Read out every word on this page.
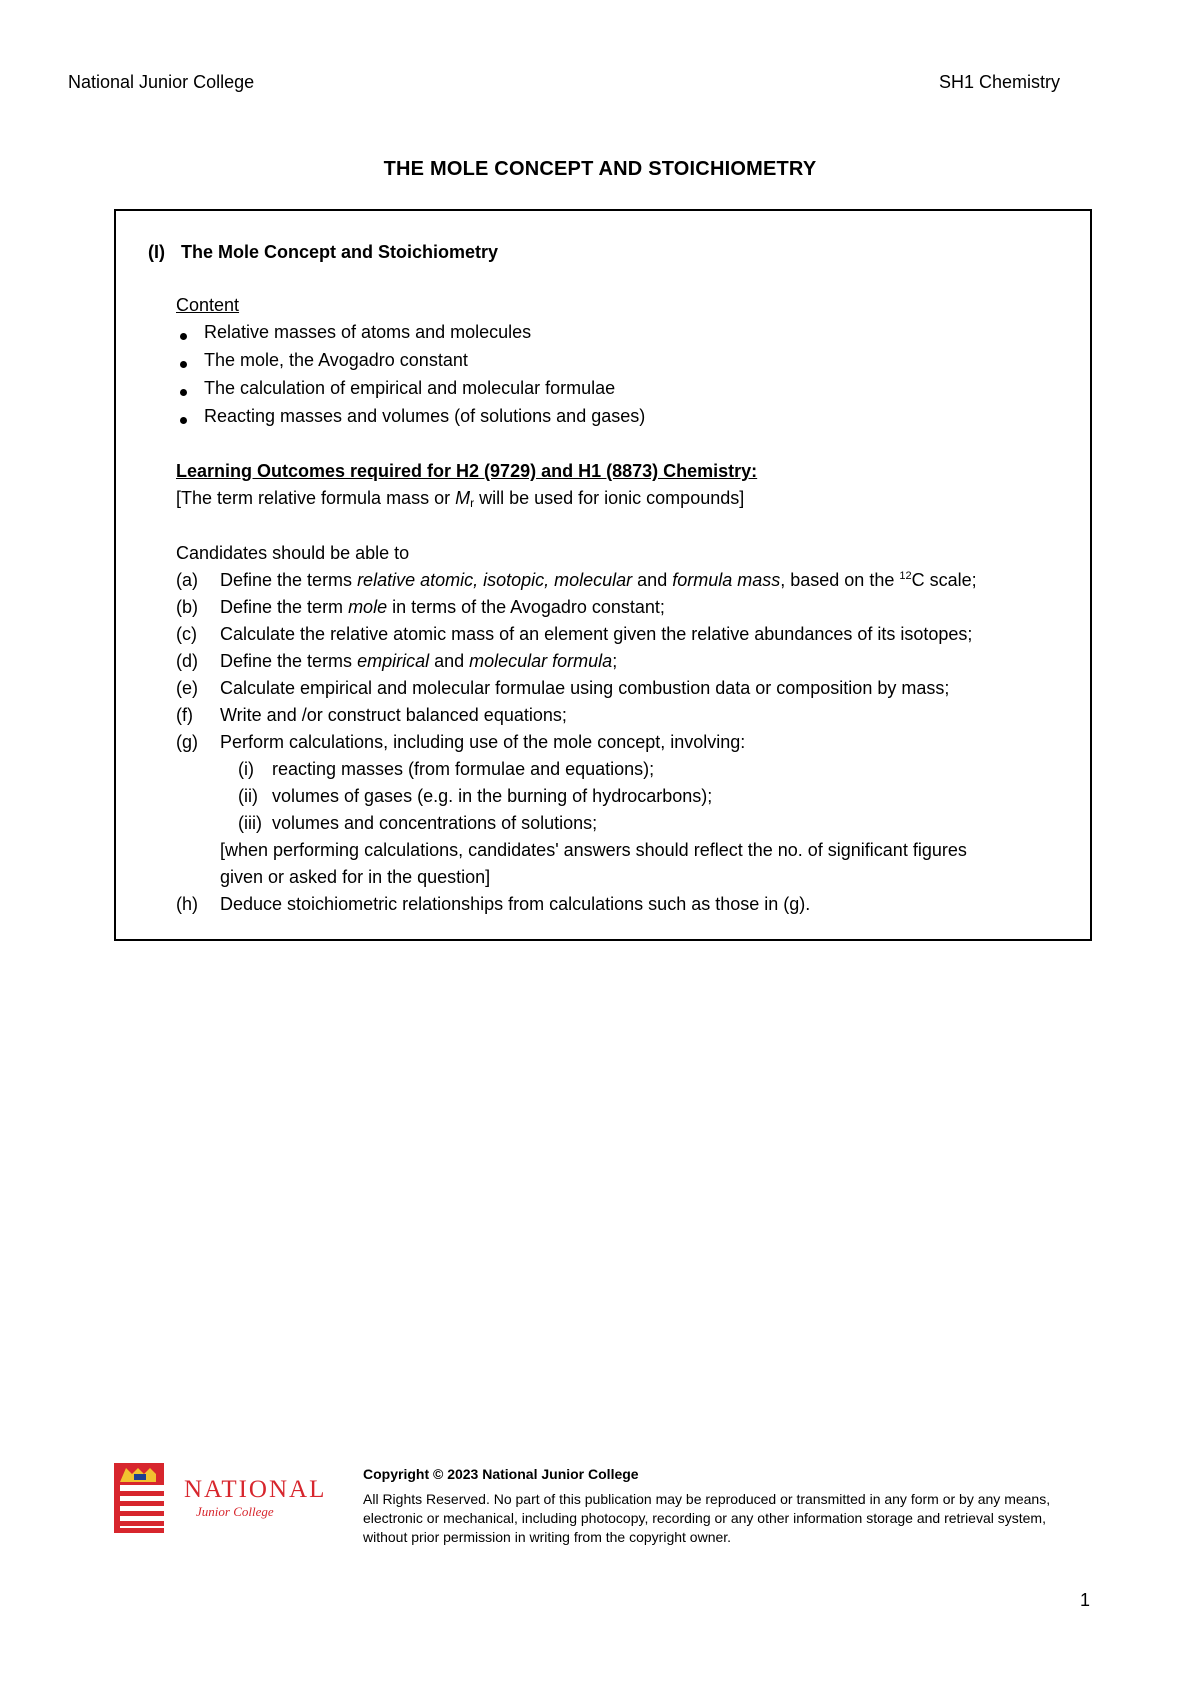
National Junior College	SH1 Chemistry
THE MOLE CONCEPT AND STOICHIOMETRY
(I) The Mole Concept and Stoichiometry
Content
Relative masses of atoms and molecules
The mole, the Avogadro constant
The calculation of empirical and molecular formulae
Reacting masses and volumes (of solutions and gases)
Learning Outcomes required for H2 (9729) and H1 (8873) Chemistry:
[The term relative formula mass or $M_r$ will be used for ionic compounds]
Candidates should be able to
(a) Define the terms relative atomic, isotopic, molecular and formula mass, based on the $^{12}$C scale;
(b) Define the term mole in terms of the Avogadro constant;
(c) Calculate the relative atomic mass of an element given the relative abundances of its isotopes;
(d) Define the terms empirical and molecular formula;
(e) Calculate empirical and molecular formulae using combustion data or composition by mass;
(f) Write and /or construct balanced equations;
(g) Perform calculations, including use of the mole concept, involving:
(i) reacting masses (from formulae and equations);
(ii) volumes of gases (e.g. in the burning of hydrocarbons);
(iii) volumes and concentrations of solutions;
[when performing calculations, candidates' answers should reflect the no. of significant figures
given or asked for in the question]
(h) Deduce stoichiometric relationships from calculations such as those in (g).
NATIONAL
Junior College
Copyright © 2023 National Junior College
All Rights Reserved. No part of this publication may be reproduced or transmitted in any form or by any means, electronic or mechanical, including photocopy, recording or any other information storage and retrieval system, without prior permission in writing from the copyright owner.
1
